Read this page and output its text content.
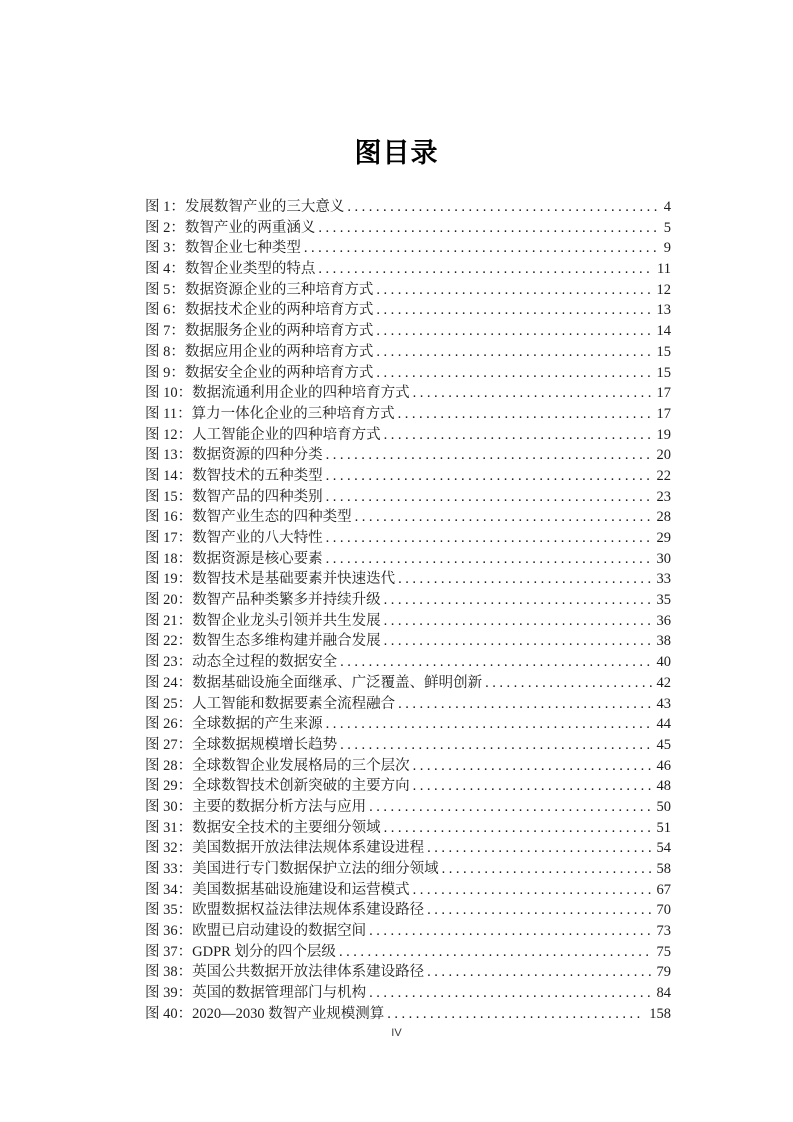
图目录
图 1：发展数智产业的三大意义 .....	4
图 2：数智产业的两重涵义 .....	5
图 3：数智企业七种类型 .....	9
图 4：数智企业类型的特点 .....	11
图 5：数据资源企业的三种培育方式 .....	12
图 6：数据技术企业的两种培育方式 .....	13
图 7：数据服务企业的两种培育方式 .....	14
图 8：数据应用企业的两种培育方式 .....	15
图 9：数据安全企业的两种培育方式 .....	15
图 10：数据流通利用企业的四种培育方式 .....	17
图 11：算力一体化企业的三种培育方式 .....	17
图 12：人工智能企业的四种培育方式 .....	19
图 13：数据资源的四种分类 .....	20
图 14：数智技术的五种类型 .....	22
图 15：数智产品的四种类别 .....	23
图 16：数智产业生态的四种类型 .....	28
图 17：数智产业的八大特性 .....	29
图 18：数据资源是核心要素 .....	30
图 19：数智技术是基础要素并快速迭代 .....	33
图 20：数智产品种类繁多并持续升级 .....	35
图 21：数智企业龙头引领并共生发展 .....	36
图 22：数智生态多维构建并融合发展 .....	38
图 23：动态全过程的数据安全 .....	40
图 24：数据基础设施全面继承、广泛覆盖、鲜明创新 .....	42
图 25：人工智能和数据要素全流程融合 .....	43
图 26：全球数据的产生来源 .....	44
图 27：全球数据规模增长趋势 .....	45
图 28：全球数智企业发展格局的三个层次 .....	46
图 29：全球数智技术创新突破的主要方向 .....	48
图 30：主要的数据分析方法与应用 .....	50
图 31：数据安全技术的主要细分领域 .....	51
图 32：美国数据开放法律法规体系建设进程 .....	54
图 33：美国进行专门数据保护立法的细分领域 .....	58
图 34：美国数据基础设施建设和运营模式 .....	67
图 35：欧盟数据权益法律法规体系建设路径 .....	70
图 36：欧盟已启动建设的数据空间 .....	73
图 37：GDPR 划分的四个层级 .....	75
图 38：英国公共数据开放法律体系建设路径 .....	79
图 39：英国的数据管理部门与机构 .....	84
图 40：2020—2030 数智产业规模测算 .....	158
IV
